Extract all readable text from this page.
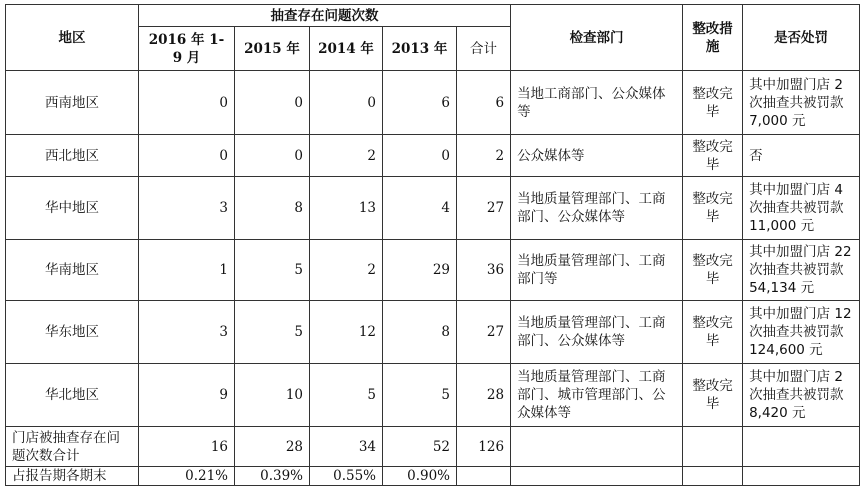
地区	抽查存在问题次数					检查部门	整改措施	是否处罚
	2016 年 1-9 月	2015 年	2014 年	2013 年	合计			
西南地区	0	0	0	6	6	当地工商部门、公众媒体等	整改完毕	其中加盟门店 2 次抽查共被罚款 7,000 元
西北地区	0	0	2	0	2	公众媒体等	整改完毕	否
华中地区	3	8	13	4	27	当地质量管理部门、工商部门、公众媒体等	整改完毕	其中加盟门店 4 次抽查共被罚款 11,000 元
华南地区	1	5	2	29	36	当地质量管理部门、工商部门等	整改完毕	其中加盟门店 22 次抽查共被罚款 54,134 元
华东地区	3	5	12	8	27	当地质量管理部门、工商部门、公众媒体等	整改完毕	其中加盟门店 12 次抽查共被罚款 124,600 元
华北地区	9	10	5	5	28	当地质量管理部门、工商部门、城市管理部门、公众媒体等	整改完毕	其中加盟门店 2 次抽查共被罚款 8,420 元
门店被抽查存在问题次数合计	16	28	34	52	126			
占报告期各期末	0.21%	0.39%	0.55%	0.90%				
